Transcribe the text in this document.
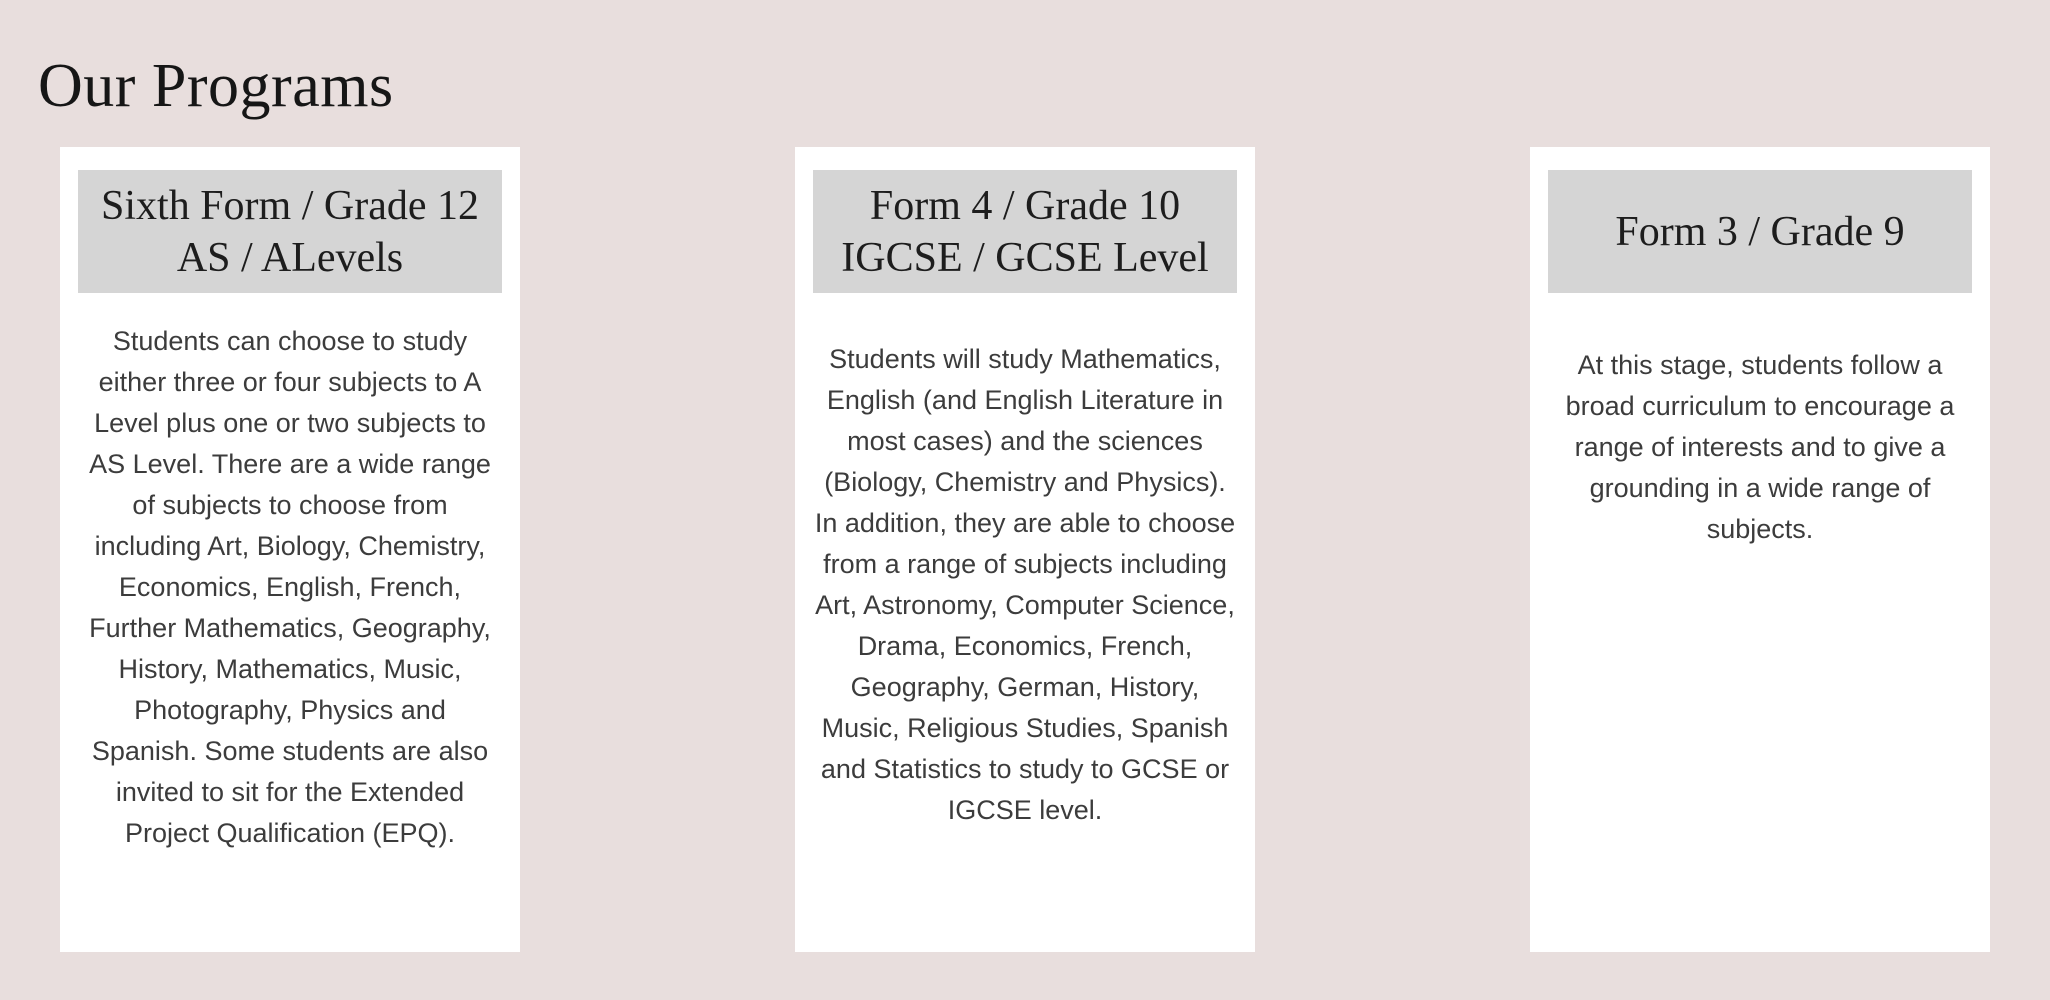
Our Programs
Sixth Form / Grade 12
AS / ALevels

Students can choose to study either three or four subjects to A Level plus one or two subjects to AS Level. There are a wide range of subjects to choose from including Art, Biology, Chemistry, Economics, English, French, Further Mathematics, Geography, History, Mathematics, Music, Photography, Physics and Spanish. Some students are also invited to sit for the Extended Project Qualification (EPQ).

Form 4 / Grade 10
IGCSE / GCSE Level

Students will study Mathematics, English (and English Literature in most cases) and the sciences (Biology, Chemistry and Physics). In addition, they are able to choose from a range of subjects including Art, Astronomy, Computer Science, Drama, Economics, French, Geography, German, History, Music, Religious Studies, Spanish and Statistics to study to GCSE or IGCSE level.

Form 3 / Grade 9

At this stage, students follow a broad curriculum to encourage a range of interests and to give a grounding in a wide range of subjects.
